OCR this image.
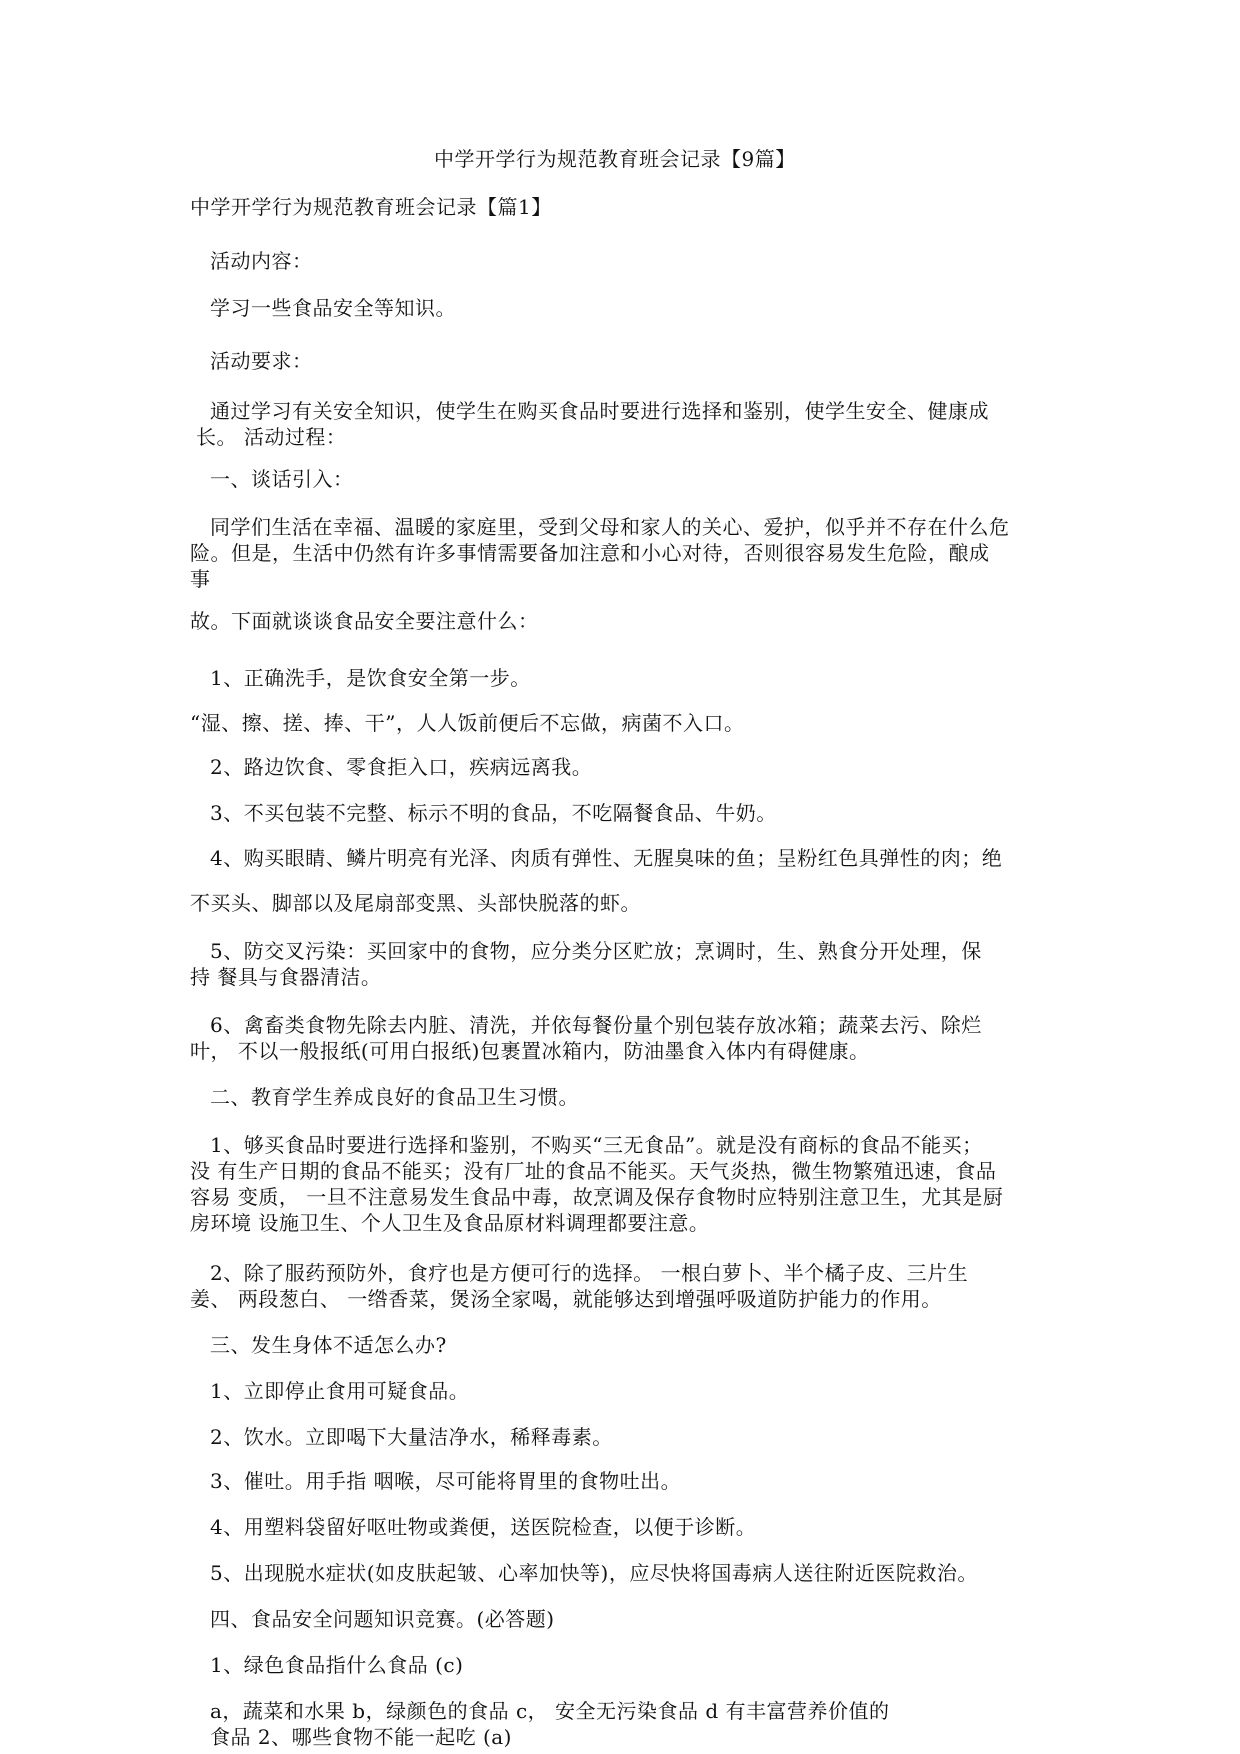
中学开学行为规范教育班会记录【9篇】
中学开学行为规范教育班会记录【篇1】
活动内容：
学习一些食品安全等知识。
活动要求：
通过学习有关安全知识，使学生在购买食品时要进行选择和鉴别，使学生安全、健康成
长。 活动过程：
一、谈话引入：
同学们生活在幸福、温暖的家庭里，受到父母和家人的关心、爱护，似乎并不存在什么危
险。但是，生活中仍然有许多事情需要备加注意和小心对待，否则很容易发生危险，酿成
事
故。下面就谈谈食品安全要注意什么：
1、正确洗手，是饮食安全第一步。
“湿、擦、搓、捧、干”，人人饭前便后不忘做，病菌不入口。
2、路边饮食、零食拒入口，疾病远离我。
3、不买包装不完整、标示不明的食品，不吃隔餐食品、牛奶。
4、购买眼睛、鳞片明亮有光泽、肉质有弹性、无腥臭味的鱼；呈粉红色具弹性的肉；绝
不买头、脚部以及尾扇部变黑、头部快脱落的虾。
5、防交叉污染：买回家中的食物，应分类分区贮放；烹调时，生、熟食分开处理，保
持 餐具与食器清洁。
6、禽畜类食物先除去内脏、清洗，并依每餐份量个别包装存放冰箱；蔬菜去污、除烂
叶， 不以一般报纸(可用白报纸)包裹置冰箱内，防油墨食入体内有碍健康。
二、教育学生养成良好的食品卫生习惯。
1、够买食品时要进行选择和鉴别，不购买“三无食品”。就是没有商标的食品不能买；
没 有生产日期的食品不能买；没有厂址的食品不能买。天气炎热，微生物繁殖迅速，食品
容易 变质， 一旦不注意易发生食品中毒，故烹调及保存食物时应特别注意卫生，尤其是厨
房环境 设施卫生、个人卫生及食品原材料调理都要注意。
2、除了服药预防外，食疗也是方便可行的选择。 一根白萝卜、半个橘子皮、三片生
姜、 两段葱白、 一绺香菜，煲汤全家喝，就能够达到增强呼吸道防护能力的作用。
三、发生身体不适怎么办?
1、立即停止食用可疑食品。
2、饮水。立即喝下大量洁净水，稀释毒素。
3、催吐。用手指 咽喉，尽可能将胃里的食物吐出。
4、用塑料袋留好呕吐物或粪便，送医院检查，以便于诊断。
5、出现脱水症状(如皮肤起皱、心率加快等)，应尽快将国毒病人送往附近医院救治。
四、食品安全问题知识竞赛。(必答题)
1、绿色食品指什么食品 (c)
a，蔬菜和水果 b，绿颜色的食品 c， 安全无污染食品 d 有丰富营养价值的
食品 2、哪些食物不能一起吃 (a)
